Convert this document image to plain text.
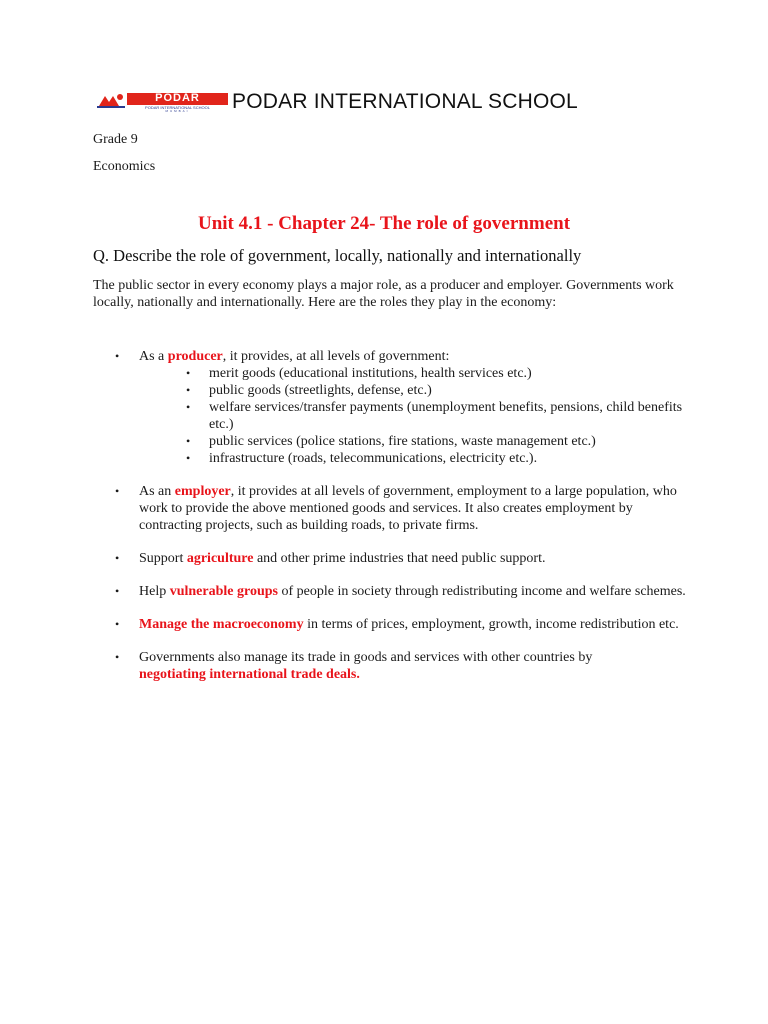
PODAR
PODAR INTERNATIONAL SCHOOL
MUMBAI	PODAR INTERNATIONAL SCHOOL
Grade 9
Economics
Unit 4.1 - Chapter 24- The role of government
Q. Describe the role of government, locally, nationally and internationally
The public sector in every economy plays a major role, as a producer and employer. Governments work locally, nationally and internationally. Here are the roles they play in the economy:
• As a producer, it provides, at all levels of government:
• merit goods (educational institutions, health services etc.)
• public goods (streetlights, defense, etc.)
• welfare services/transfer payments (unemployment benefits, pensions, child benefits etc.)
• public services (police stations, fire stations, waste management etc.)
• infrastructure (roads, telecommunications, electricity etc.).
• As an employer, it provides at all levels of government, employment to a large population, who work to provide the above mentioned goods and services. It also creates employment by contracting projects, such as building roads, to private firms.
• Support agriculture and other prime industries that need public support.
• Help vulnerable groups of people in society through redistributing income and welfare schemes.
• Manage the macroeconomy in terms of prices, employment, growth, income redistribution etc.
• Governments also manage its trade in goods and services with other countries by
negotiating international trade deals.
